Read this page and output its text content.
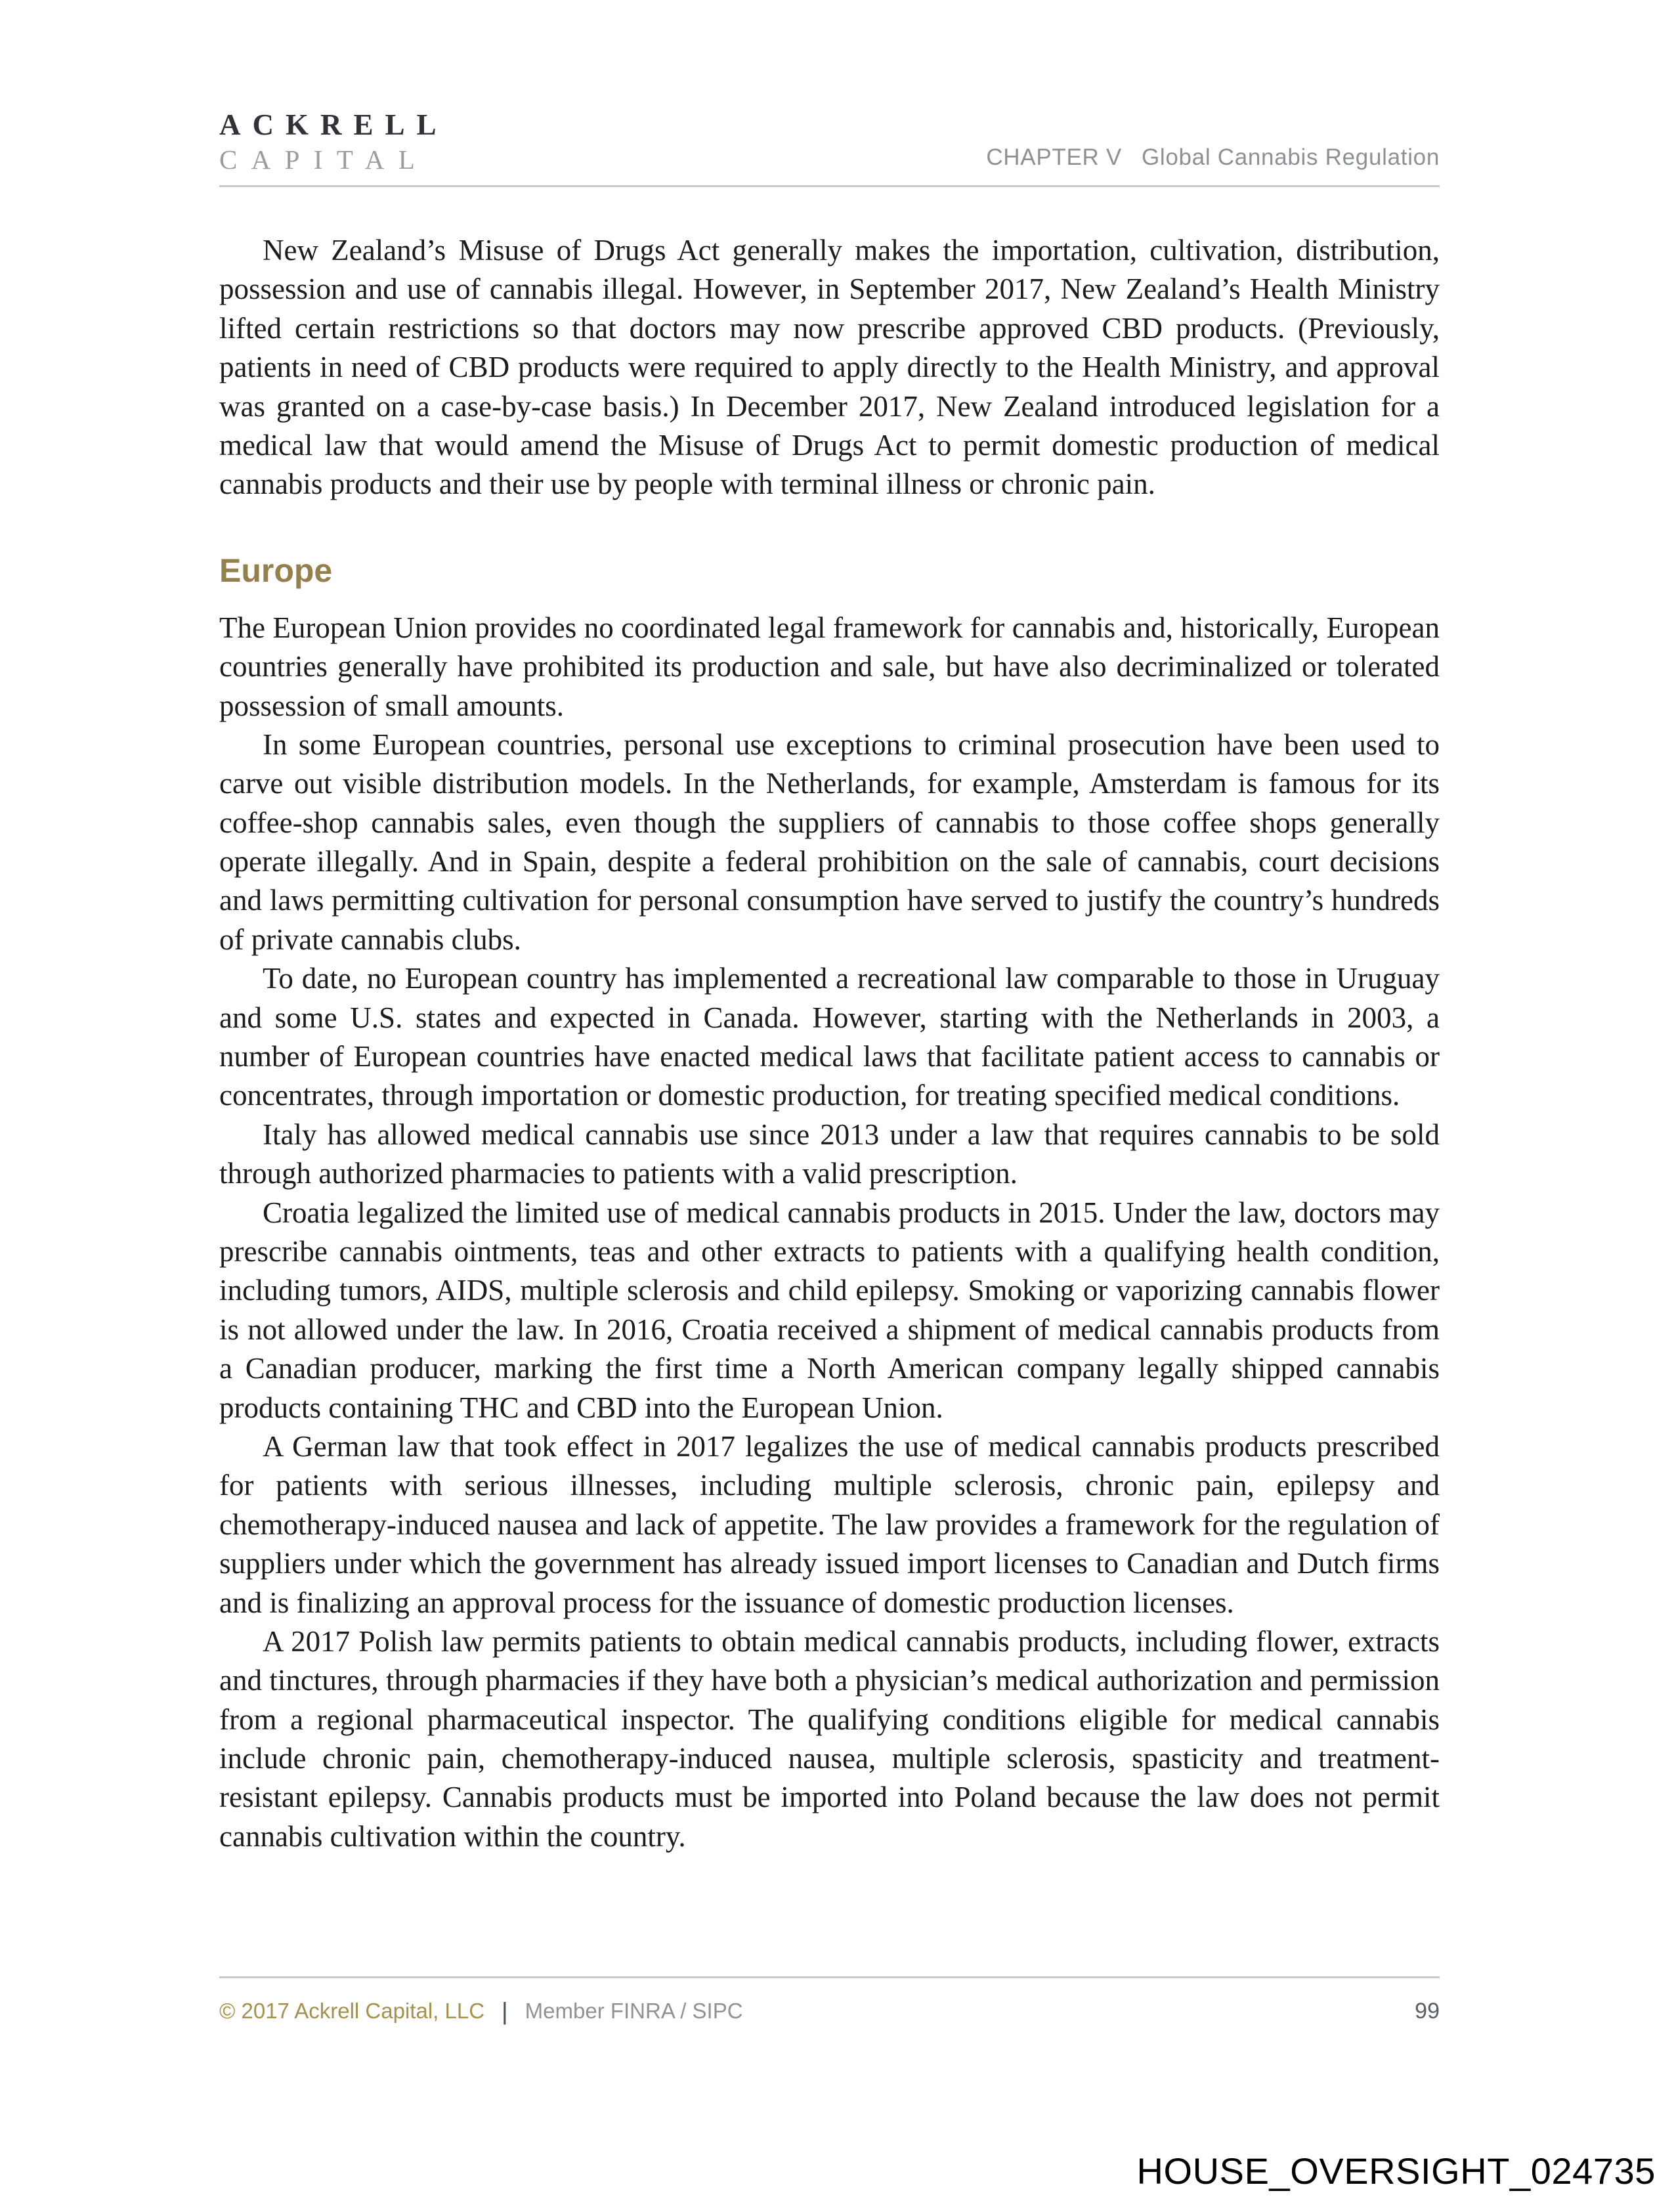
ACKRELL
CAPITAL	CHAPTER V Global Cannabis Regulation

New Zealand’s Misuse of Drugs Act generally makes the importation, cultivation, distribution, possession and use of cannabis illegal. However, in September 2017, New Zealand’s Health Ministry lifted certain restrictions so that doctors may now prescribe approved CBD products. (Previously, patients in need of CBD products were required to apply directly to the Health Ministry, and approval was granted on a case-by-case basis.) In December 2017, New Zealand introduced legislation for a medical law that would amend the Misuse of Drugs Act to permit domestic production of medical cannabis products and their use by people with terminal illness or chronic pain.

Europe

The European Union provides no coordinated legal framework for cannabis and, historically, European countries generally have prohibited its production and sale, but have also decriminalized or tolerated possession of small amounts.

In some European countries, personal use exceptions to criminal prosecution have been used to carve out visible distribution models. In the Netherlands, for example, Amsterdam is famous for its coffee-shop cannabis sales, even though the suppliers of cannabis to those coffee shops generally operate illegally. And in Spain, despite a federal prohibition on the sale of cannabis, court decisions and laws permitting cultivation for personal consumption have served to justify the country’s hundreds of private cannabis clubs.

To date, no European country has implemented a recreational law comparable to those in Uruguay and some U.S. states and expected in Canada. However, starting with the Netherlands in 2003, a number of European countries have enacted medical laws that facilitate patient access to cannabis or concentrates, through importation or domestic production, for treating specified medical conditions.

Italy has allowed medical cannabis use since 2013 under a law that requires cannabis to be sold through authorized pharmacies to patients with a valid prescription.

Croatia legalized the limited use of medical cannabis products in 2015. Under the law, doctors may prescribe cannabis ointments, teas and other extracts to patients with a qualifying health condition, including tumors, AIDS, multiple sclerosis and child epilepsy. Smoking or vaporizing cannabis flower is not allowed under the law. In 2016, Croatia received a shipment of medical cannabis products from a Canadian producer, marking the first time a North American company legally shipped cannabis products containing THC and CBD into the European Union.

A German law that took effect in 2017 legalizes the use of medical cannabis products prescribed for patients with serious illnesses, including multiple sclerosis, chronic pain, epilepsy and chemotherapy-induced nausea and lack of appetite. The law provides a framework for the regulation of suppliers under which the government has already issued import licenses to Canadian and Dutch firms and is finalizing an approval process for the issuance of domestic production licenses.

A 2017 Polish law permits patients to obtain medical cannabis products, including flower, extracts and tinctures, through pharmacies if they have both a physician’s medical authorization and permission from a regional pharmaceutical inspector. The qualifying conditions eligible for medical cannabis include chronic pain, chemotherapy-induced nausea, multiple sclerosis, spasticity and treatment-resistant epilepsy. Cannabis products must be imported into Poland because the law does not permit cannabis cultivation within the country.

© 2017 Ackrell Capital, LLC | Member FINRA / SIPC	99
HOUSE_OVERSIGHT_024735
